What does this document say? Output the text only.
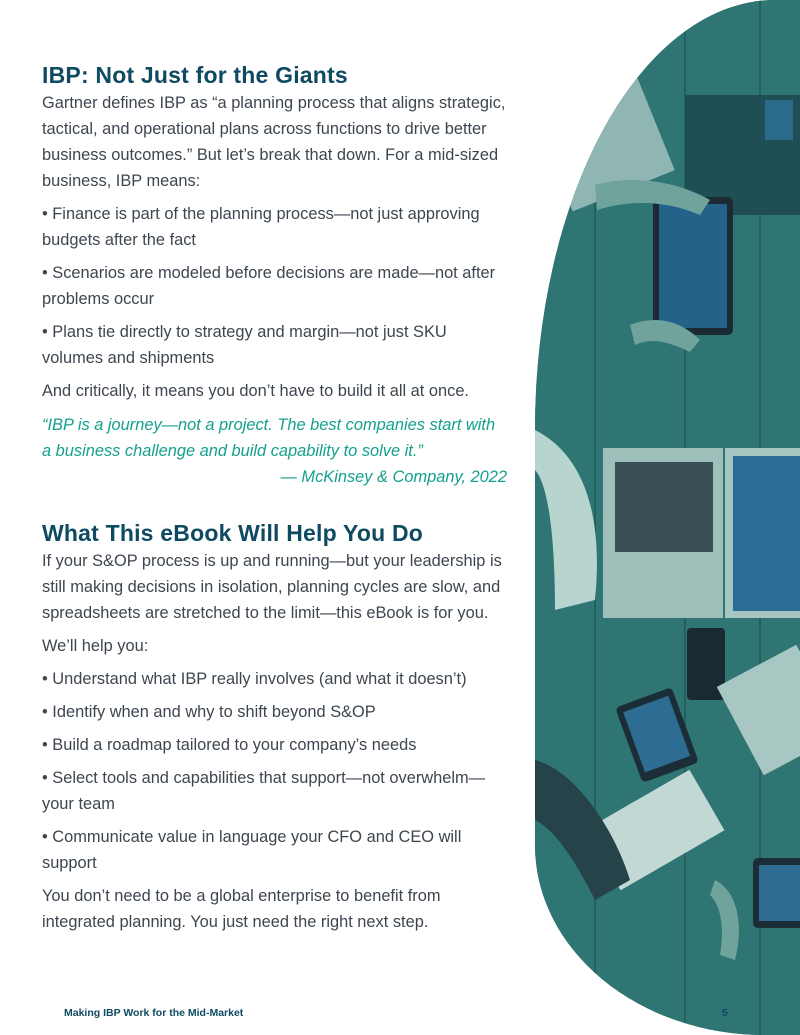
IBP: Not Just for the Giants

Gartner defines IBP as “a planning process that aligns strategic, tactical, and operational plans across functions to drive better business outcomes.” But let’s break that down. For a mid-sized business, IBP means:

• Finance is part of the planning process—not just approving budgets after the fact

• Scenarios are modeled before decisions are made—not after problems occur

• Plans tie directly to strategy and margin—not just SKU volumes and shipments

And critically, it means you don’t have to build it all at once.

“IBP is a journey—not a project. The best companies start with a business challenge and build capability to solve it.”
— McKinsey & Company, 2022

What This eBook Will Help You Do

If your S&OP process is up and running—but your leadership is still making decisions in isolation, planning cycles are slow, and spreadsheets are stretched to the limit—this eBook is for you.

We’ll help you:

• Understand what IBP really involves (and what it doesn’t)

• Identify when and why to shift beyond S&OP

• Build a roadmap tailored to your company’s needs

• Select tools and capabilities that support—not overwhelm—your team

• Communicate value in language your CFO and CEO will support

You don’t need to be a global enterprise to benefit from integrated planning. You just need the right next step.

Making IBP Work for the Mid-Market	5
